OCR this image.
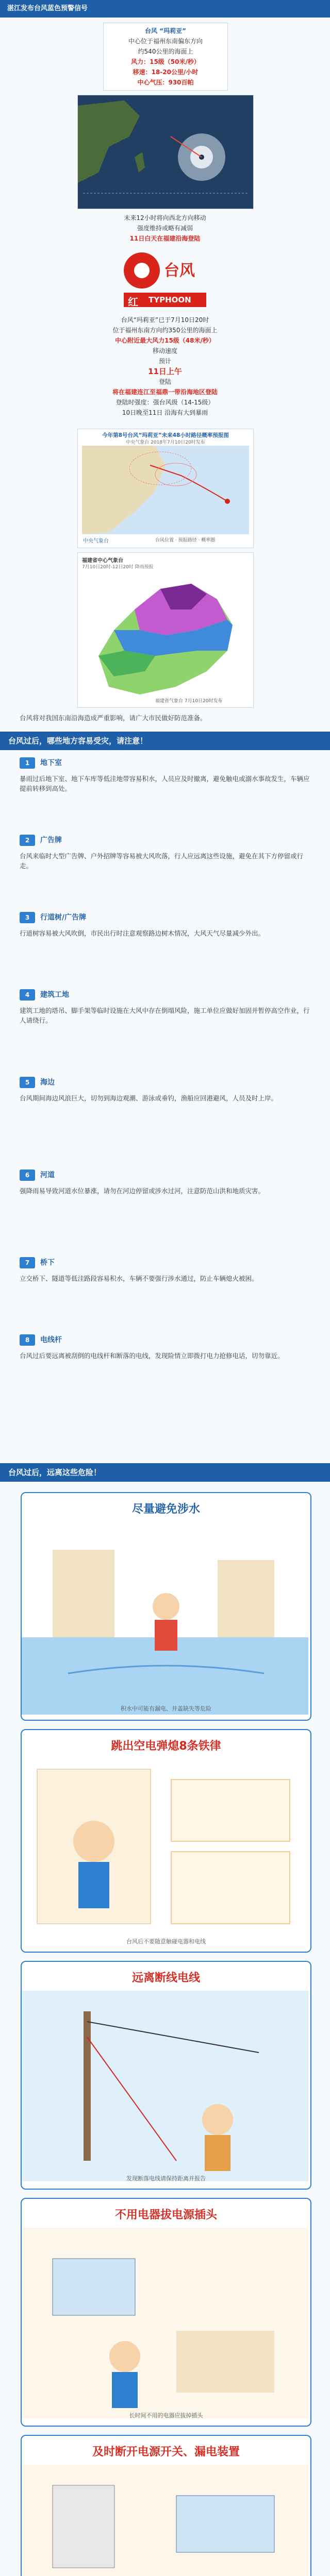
湛江发布台风蓝色预警信号
台风 “玛莉亚”
中心位于福州东南偏东方向
约540公里的海面上
风力：15级（50米/秒）
移速：18-20公里/小时
中心气压：930百帕
未来12小时将向西北方向移动
强度维持或略有减弱
11日白天在福建沿海登陆
台风
红 TYPHOON
台风“玛莉亚”已于7月10日20时
位于福州东南方向约350公里的海面上
中心附近最大风力15级（48米/秒）
移动速度
预计
11日上午
登陆
将在福建连江至福鼎一带沿海地区登陆
登陆时强度：强台风级（14-15级）
10日晚至11日 沿海有大到暴雨
今年第8号台风“玛莉亚”未来48小时路径概率预报图
中央气象台 2018年7月10日20时发布
中央气象台	台风位置 · 预报路径 · 概率圈
福建省中心气象台
7月10日20时-12日20时 降雨预报
福建省气象台 7月10日20时发布
台风将对我国东南沿海造成严重影响，请广大市民做好防范准备。
台风过后，哪些地方容易受灾，请注意！
1	地下室
暴雨过后地下室、地下车库等低洼地带容易积水，人员应及时撤离，避免触电或溺水事故发生，车辆应提前转移到高处。
2	广告牌
台风来临时大型广告牌、户外招牌等容易被大风吹落，行人应远离这些设施，避免在其下方停留或行走。
3	行道树/广告牌
行道树容易被大风吹倒，市民出行时注意观察路边树木情况，大风天气尽量减少外出。
4	建筑工地
建筑工地的塔吊、脚手架等临时设施在大风中存在倒塌风险，施工单位应做好加固并暂停高空作业，行人请绕行。
5	海边
台风期间海边风浪巨大，切勿到海边观潮、游泳或垂钓，渔船应回港避风，人员及时上岸。
6	河道
强降雨易导致河道水位暴涨，请勿在河边停留或涉水过河，注意防范山洪和地质灾害。
7	桥下
立交桥下、隧道等低洼路段容易积水，车辆不要强行涉水通过，防止车辆熄火被困。
8	电线杆
台风过后要远离被刮倒的电线杆和断落的电线，发现险情立即拨打电力抢修电话，切勿靠近。
台风过后，远离这些危险！
尽量避免涉水
积水中可能有漏电、井盖缺失等危险
跳出空电弹熄8条铁律
台风后不要随意触碰电器和电线
远离断线电线
发现断落电线请保持距离并报告
不用电器拔电源插头
长时间不用的电器应拔掉插头
及时断开电源开关、漏电装置
